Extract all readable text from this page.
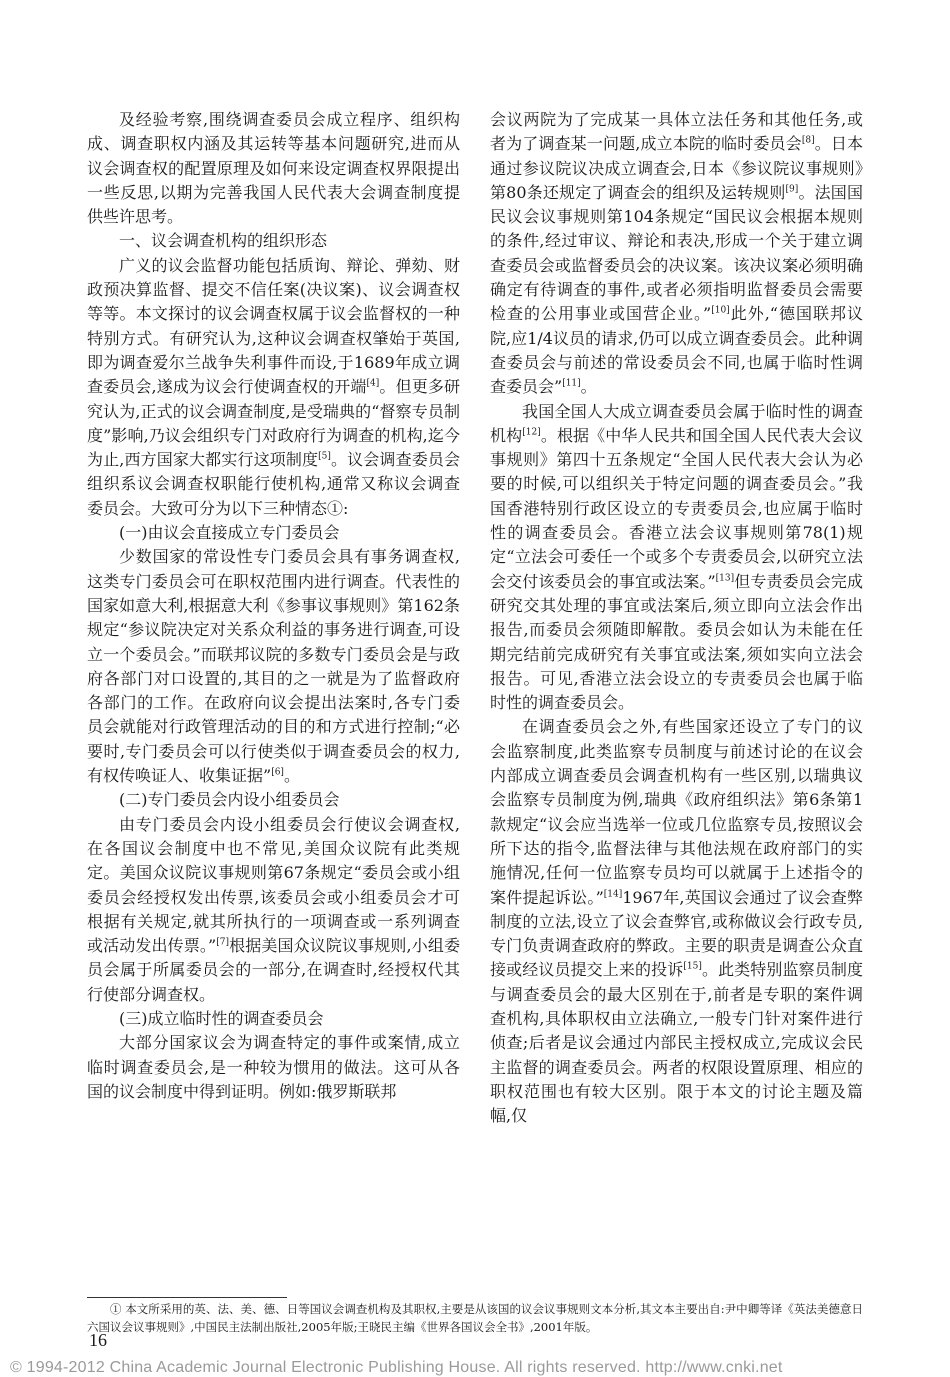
及经验考察,围绕调查委员会成立程序、组织构成、调查职权内涵及其运转等基本问题研究,进而从议会调查权的配置原理及如何来设定调查权界限提出一些反思,以期为完善我国人民代表大会调查制度提供些许思考。

一、议会调查机构的组织形态

广义的议会监督功能包括质询、辩论、弹劾、财政预决算监督、提交不信任案(决议案)、议会调查权等等。本文探讨的议会调查权属于议会监督权的一种特别方式。有研究认为,这种议会调查权肇始于英国,即为调查爱尔兰战争失利事件而设,于1689年成立调查委员会,遂成为议会行使调查权的开端[4]。但更多研究认为,正式的议会调查制度,是受瑞典的“督察专员制度”影响,乃议会组织专门对政府行为调查的机构,迄今为止,西方国家大都实行这项制度[5]。议会调查委员会组织系议会调查权职能行使机构,通常又称议会调查委员会。大致可分为以下三种情态①:

(一)由议会直接成立专门委员会

少数国家的常设性专门委员会具有事务调查权,这类专门委员会可在职权范围内进行调查。代表性的国家如意大利,根据意大利《参事议事规则》第162条规定“参议院决定对关系众利益的事务进行调查,可设立一个委员会。”而联邦议院的多数专门委员会是与政府各部门对口设置的,其目的之一就是为了监督政府各部门的工作。在政府向议会提出法案时,各专门委员会就能对行政管理活动的目的和方式进行控制;“必要时,专门委员会可以行使类似于调查委员会的权力,有权传唤证人、收集证据”[6]。

(二)专门委员会内设小组委员会

由专门委员会内设小组委员会行使议会调查权,在各国议会制度中也不常见,美国众议院有此类规定。美国众议院议事规则第67条规定“委员会或小组委员会经授权发出传票,该委员会或小组委员会才可根据有关规定,就其所执行的一项调查或一系列调查或活动发出传票。”[7]根据美国众议院议事规则,小组委员会属于所属委员会的一部分,在调查时,经授权代其行使部分调查权。

(三)成立临时性的调查委员会

大部分国家议会为调查特定的事件或案情,成立临时调查委员会,是一种较为惯用的做法。这可从各国的议会制度中得到证明。例如:俄罗斯联邦

会议两院为了完成某一具体立法任务和其他任务,或者为了调查某一问题,成立本院的临时委员会[8]。日本通过参议院议决成立调查会,日本《参议院议事规则》第80条还规定了调查会的组织及运转规则[9]。法国国民议会议事规则第104条规定“国民议会根据本规则的条件,经过审议、辩论和表决,形成一个关于建立调查委员会或监督委员会的决议案。该决议案必须明确确定有待调查的事件,或者必须指明监督委员会需要检查的公用事业或国营企业。”[10]此外,“德国联邦议院,应1/4议员的请求,仍可以成立调查委员会。此种调查委员会与前述的常设委员会不同,也属于临时性调查委员会”[11]。

我国全国人大成立调查委员会属于临时性的调查机构[12]。根据《中华人民共和国全国人民代表大会议事规则》第四十五条规定“全国人民代表大会认为必要的时候,可以组织关于特定问题的调查委员会。”我国香港特别行政区设立的专责委员会,也应属于临时性的调查委员会。香港立法会议事规则第78(1)规定“立法会可委任一个或多个专责委员会,以研究立法会交付该委员会的事宜或法案。”[13]但专责委员会完成研究交其处理的事宜或法案后,须立即向立法会作出报告,而委员会须随即解散。委员会如认为未能在任期完结前完成研究有关事宜或法案,须如实向立法会报告。可见,香港立法会设立的专责委员会也属于临时性的调查委员会。

在调查委员会之外,有些国家还设立了专门的议会监察制度,此类监察专员制度与前述讨论的在议会内部成立调查委员会调查机构有一些区别,以瑞典议会监察专员制度为例,瑞典《政府组织法》第6条第1款规定“议会应当选举一位或几位监察专员,按照议会所下达的指令,监督法律与其他法规在政府部门的实施情况,任何一位监察专员均可以就属于上述指令的案件提起诉讼。”[14]1967年,英国议会通过了议会查弊制度的立法,设立了议会查弊官,或称做议会行政专员,专门负责调查政府的弊政。主要的职责是调查公众直接或经议员提交上来的投诉[15]。此类特别监察员制度与调查委员会的最大区别在于,前者是专职的案件调查机构,具体职权由立法确立,一般专门针对案件进行侦查;后者是议会通过内部民主授权成立,完成议会民主监督的调查委员会。两者的权限设置原理、相应的职权范围也有较大区别。限于本文的讨论主题及篇幅,仅

① 本文所采用的英、法、美、德、日等国议会调查机构及其职权,主要是从该国的议会议事规则文本分析,其文本主要出自:尹中卿等译《英法美德意日六国议会议事规则》,中国民主法制出版社,2005年版;王晓民主编《世界各国议会全书》,2001年版。
16
© 1994-2012 China Academic Journal Electronic Publishing House. All rights reserved. http://www.cnki.net
